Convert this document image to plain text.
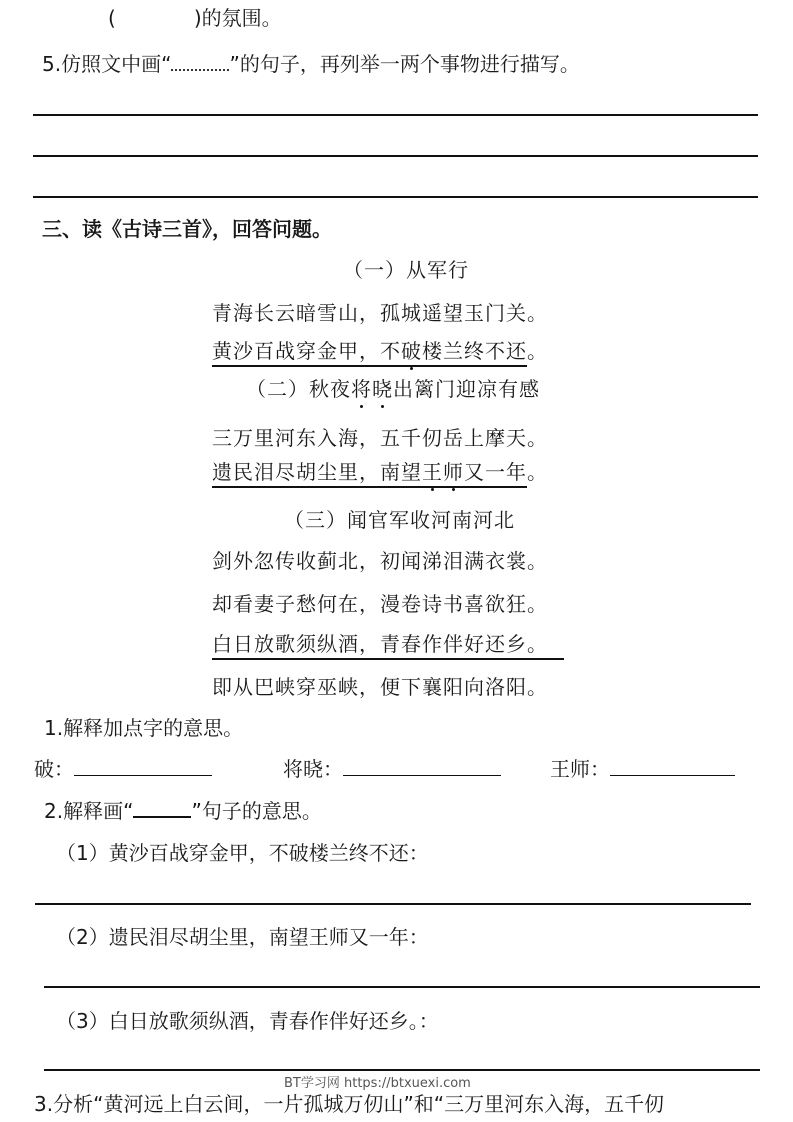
(	)的氛围。
5.仿照文中画“	”的句子，再列举一两个事物进行描写。
三、读《古诗三首》，回答问题。
（一）从军行
青海长云暗雪山，孤城遥望玉门关。
黄沙百战穿金甲，不破楼兰终不还。
（二）秋夜将晓出篱门迎凉有感
三万里河东入海，五千仞岳上摩天。
遗民泪尽胡尘里，南望王师又一年。
（三）闻官军收河南河北
剑外忽传收蓟北，初闻涕泪满衣裳。
却看妻子愁何在，漫卷诗书喜欲狂。
白日放歌须纵酒，青春作伴好还乡。
即从巴峡穿巫峡，便下襄阳向洛阳。
1.解释加点字的意思。
破：	将晓：	王师：
2.解释画“	”句子的意思。
（1）黄沙百战穿金甲，不破楼兰终不还：
（2）遗民泪尽胡尘里，南望王师又一年：
（3）白日放歌须纵酒，青春作伴好还乡。：
BT学习网 https://btxuexi.com
3.分析“黄河远上白云间，一片孤城万仞山”和“三万里河东入海，五千仞
